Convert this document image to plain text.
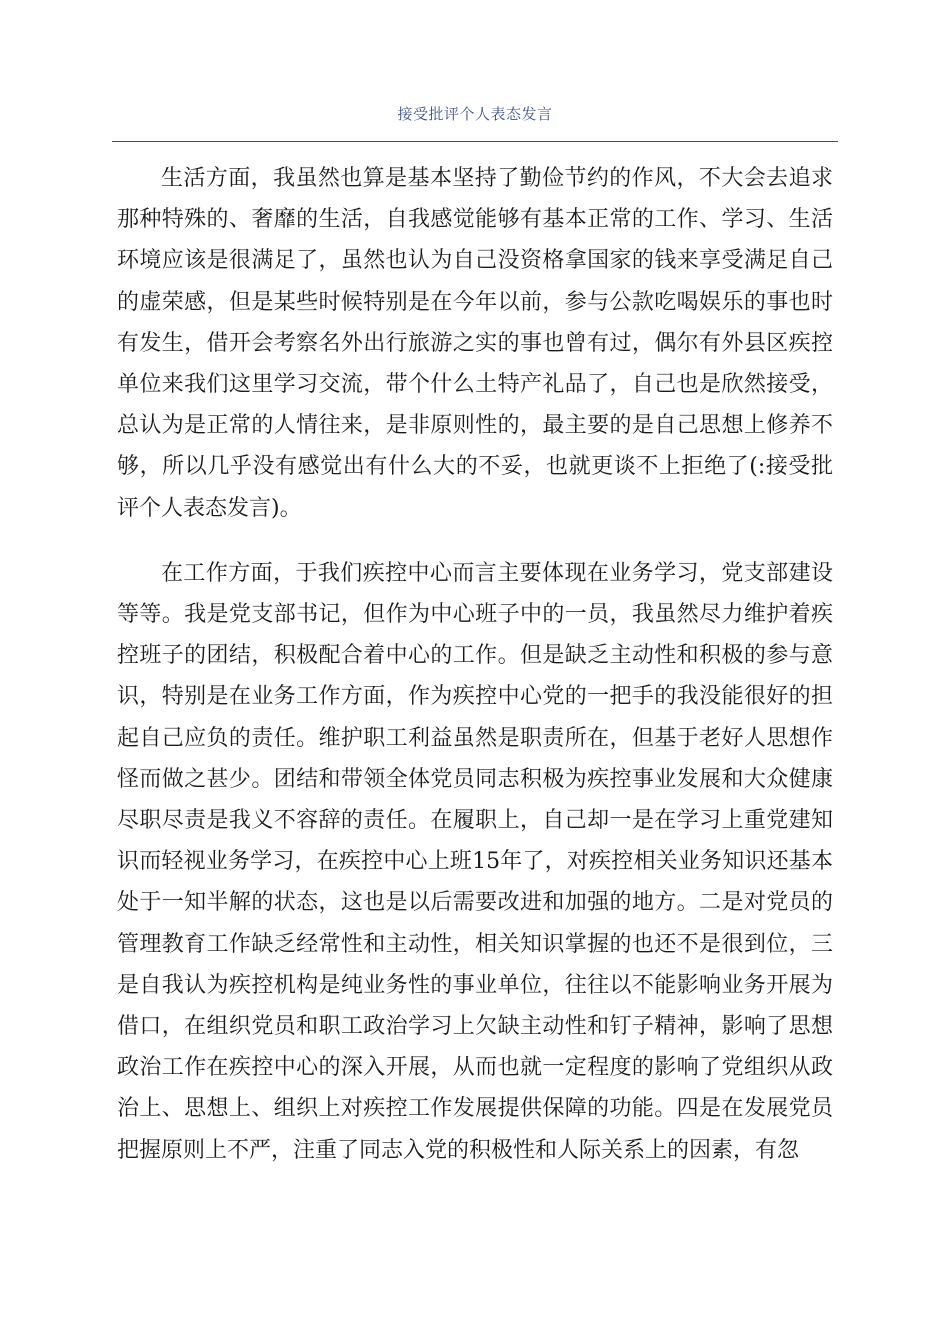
接受批评个人表态发言

生活方面，我虽然也算是基本坚持了勤俭节约的作风，不大会去追求那种特殊的、奢靡的生活，自我感觉能够有基本正常的工作、学习、生活环境应该是很满足了，虽然也认为自己没资格拿国家的钱来享受满足自己的虚荣感，但是某些时候特别是在今年以前，参与公款吃喝娱乐的事也时有发生，借开会考察名外出行旅游之实的事也曾有过，偶尔有外县区疾控单位来我们这里学习交流，带个什么土特产礼品了，自己也是欣然接受，总认为是正常的人情往来，是非原则性的，最主要的是自己思想上修养不够，所以几乎没有感觉出有什么大的不妥，也就更谈不上拒绝了(:接受批评个人表态发言)。

在工作方面，于我们疾控中心而言主要体现在业务学习，党支部建设等等。我是党支部书记，但作为中心班子中的一员，我虽然尽力维护着疾控班子的团结，积极配合着中心的工作。但是缺乏主动性和积极的参与意识，特别是在业务工作方面，作为疾控中心党的一把手的我没能很好的担起自己应负的责任。维护职工利益虽然是职责所在，但基于老好人思想作怪而做之甚少。团结和带领全体党员同志积极为疾控事业发展和大众健康尽职尽责是我义不容辞的责任。在履职上，自己却一是在学习上重党建知识而轻视业务学习，在疾控中心上班15年了，对疾控相关业务知识还基本处于一知半解的状态，这也是以后需要改进和加强的地方。二是对党员的管理教育工作缺乏经常性和主动性，相关知识掌握的也还不是很到位，三是自我认为疾控机构是纯业务性的事业单位，往往以不能影响业务开展为借口，在组织党员和职工政治学习上欠缺主动性和钉子精神，影响了思想政治工作在疾控中心的深入开展，从而也就一定程度的影响了党组织从政治上、思想上、组织上对疾控工作发展提供保障的功能。四是在发展党员把握原则上不严，注重了同志入党的积极性和人际关系上的因素，有忽
